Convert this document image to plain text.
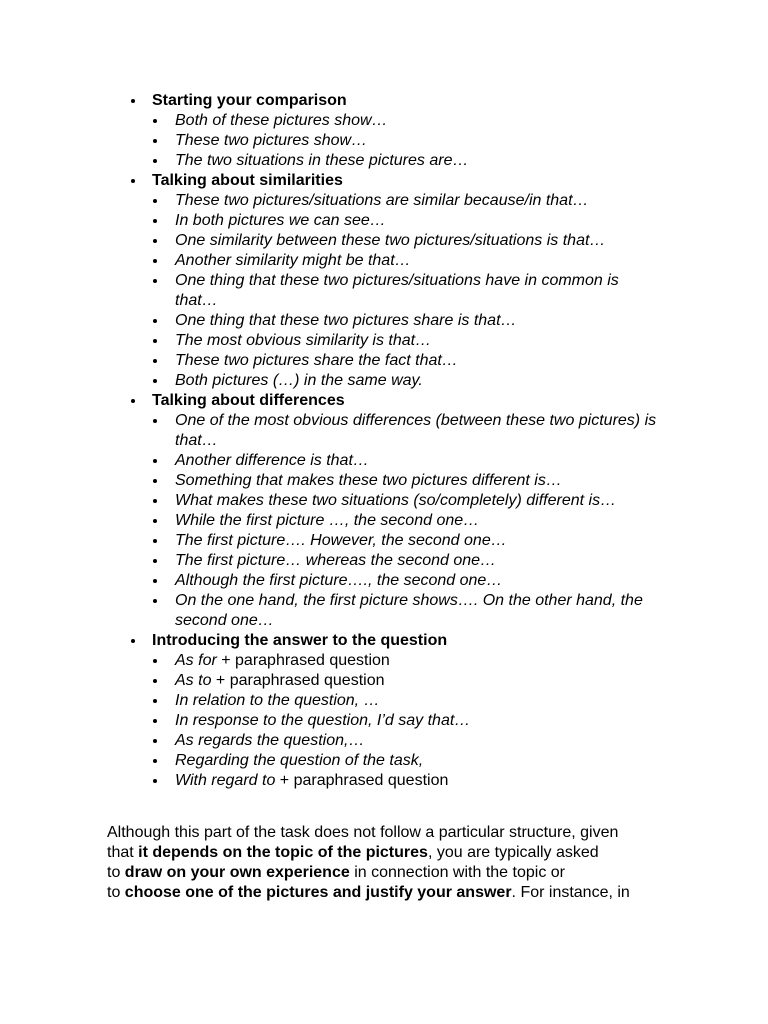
Starting your comparison
Both of these pictures show…
These two pictures show…
The two situations in these pictures are…
Talking about similarities
These two pictures/situations are similar because/in that…
In both pictures we can see…
One similarity between these two pictures/situations is that…
Another similarity might be that…
One thing that these two pictures/situations have in common is that…
One thing that these two pictures share is that…
The most obvious similarity is that…
These two pictures share the fact that…
Both pictures (…) in the same way.
Talking about differences
One of the most obvious differences (between these two pictures) is that…
Another difference is that…
Something that makes these two pictures different is…
What makes these two situations (so/completely) different is…
While the first picture …, the second one…
The first picture…. However, the second one…
The first picture… whereas the second one…
Although the first picture…., the second one…
On the one hand, the first picture shows…. On the other hand, the second one…
Introducing the answer to the question
As for + paraphrased question
As to + paraphrased question
In relation to the question, …
In response to the question, I’d say that…
As regards the question,…
Regarding the question of the task,
With regard to + paraphrased question

Although this part of the task does not follow a particular structure, given
that it depends on the topic of the pictures, you are typically asked
to draw on your own experience in connection with the topic or
to choose one of the pictures and justify your answer. For instance, in
